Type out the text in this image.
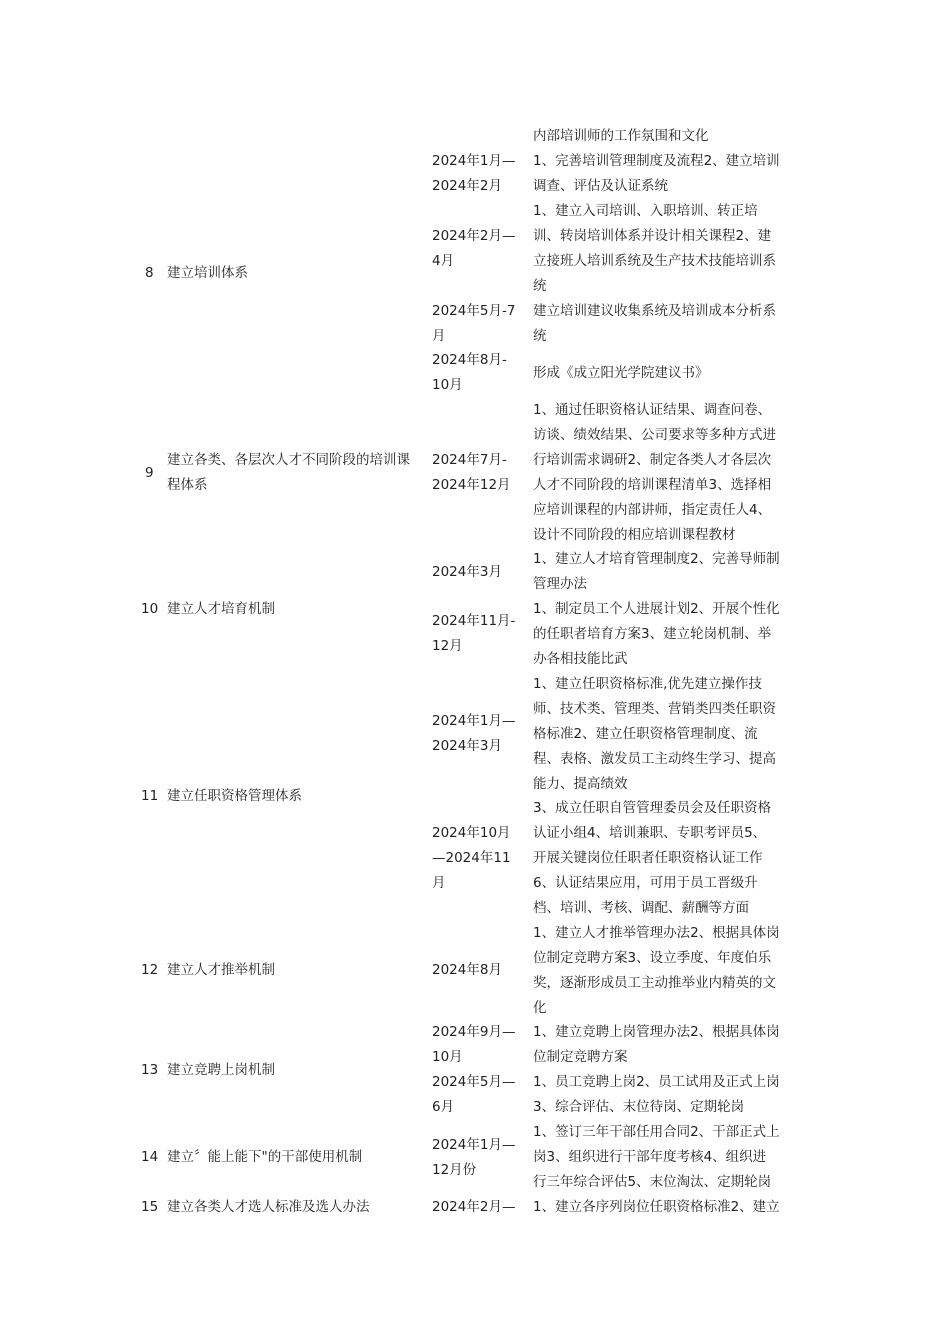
内部培训师的工作氛围和文化
8 建立培训体系
2024年1月—
2024年2月
1、完善培训管理制度及流程2、建立培训
调查、评估及认证系统
2024年2月—
4月
1、建立入司培训、入职培训、转正培
训、转岗培训体系并设计相关课程2、建
立接班人培训系统及生产技术技能培训系
统
2024年5月-7
月
建立培训建议收集系统及培训成本分析系
统
2024年8月-
10月
形成《成立阳光学院建议书》
9
建立各类、各层次人才不同阶段的培训课
程体系
2024年7月-
2024年12月
1、通过任职资格认证结果、调查问卷、
访谈、绩效结果、公司要求等多种方式进
行培训需求调研2、制定各类人才各层次
人才不同阶段的培训课程清单3、选择相
应培训课程的内部讲师，指定责任人4、
设计不同阶段的相应培训课程教材
10 建立人才培育机制
2024年3月
1、建立人才培育管理制度2、完善导师制
管理办法
2024年11月-
12月
1、制定员工个人进展计划2、开展个性化
的任职者培育方案3、建立轮岗机制、举
办各相技能比武
11 建立任职资格管理体系
2024年1月—
2024年3月
1、建立任职资格标准,优先建立操作技
师、技术类、管理类、营销类四类任职资
格标准2、建立任职资格管理制度、流
程、表格、激发员工主动终生学习、提高
能力、提高绩效
2024年10月
—2024年11
月
3、成立任职自管管理委员会及任职资格
认证小组4、培训兼职、专职考评员5、
开展关键岗位任职者任职资格认证工作
6、认证结果应用，可用于员工晋级升
档、培训、考核、调配、薪酬等方面
12 建立人才推举机制	2024年8月
1、建立人才推举管理办法2、根据具体岗
位制定竞聘方案3、设立季度、年度伯乐
奖，逐渐形成员工主动推举业内精英的文
化
13 建立竞聘上岗机制
2024年9月—
10月
1、建立竞聘上岗管理办法2、根据具体岗
位制定竞聘方案
2024年5月—
6月
1、员工竞聘上岗2、员工试用及正式上岗
3、综合评估、末位待岗、定期轮岗
14 建立〞能上能下"的干部使用机制
2024年1月—
12月份
1、签订三年干部任用合同2、干部正式上
岗3、组织进行干部年度考核4、组织进
行三年综合评估5、末位淘汰、定期轮岗
15 建立各类人才选人标准及选人办法	2024年2月— 1、建立各序列岗位任职资格标准2、建立
